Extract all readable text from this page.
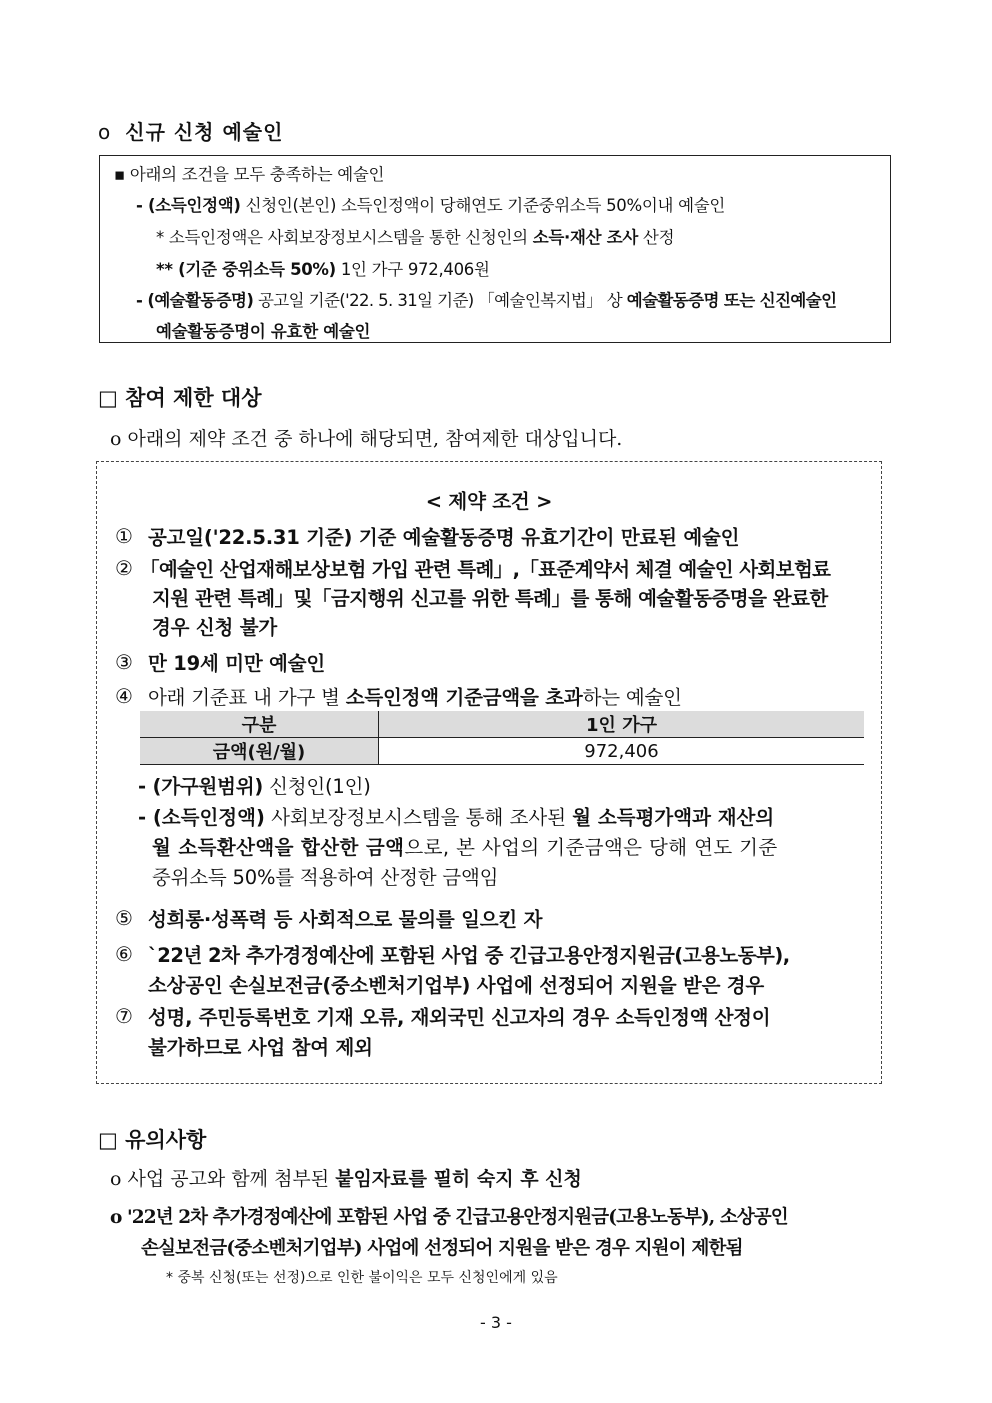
o 신규 신청 예술인
▪ 아래의 조건을 모두 충족하는 예술인
- (소득인정액) 신청인(본인) 소득인정액이 당해연도 기준중위소득 50%이내 예술인
* 소득인정액은 사회보장정보시스템을 통한 신청인의 소득·재산 조사 산정
** (기준 중위소득 50%) 1인 가구 972,406원
- (예술활동증명) 공고일 기준('22. 5. 31일 기준) 「예술인복지법」 상 예술활동증명 또는 신진예술인
예술활동증명이 유효한 예술인
□ 참여 제한 대상
ο 아래의 제약 조건 중 하나에 해당되면, 참여제한 대상입니다.
< 제약 조건 >
① 공고일('22.5.31 기준) 기준 예술활동증명 유효기간이 만료된 예술인
② 「예술인 산업재해보상보험 가입 관련 특례」,「표준계약서 체결 예술인 사회보험료
지원 관련 특례」및「금지행위 신고를 위한 특례」를 통해 예술활동증명을 완료한
경우 신청 불가
③ 만 19세 미만 예술인
④ 아래 기준표 내 가구 별 소득인정액 기준금액을 초과하는 예술인
구분	1인 가구
금액(원/월)	972,406
- (가구원범위) 신청인(1인)
- (소득인정액) 사회보장정보시스템을 통해 조사된 월 소득평가액과 재산의
월 소득환산액을 합산한 금액으로, 본 사업의 기준금액은 당해 연도 기준
중위소득 50%를 적용하여 산정한 금액임
⑤ 성희롱·성폭력 등 사회적으로 물의를 일으킨 자
⑥ `22년 2차 추가경정예산에 포함된 사업 중 긴급고용안정지원금(고용노동부),
소상공인 손실보전금(중소벤처기업부) 사업에 선정되어 지원을 받은 경우
⑦ 성명, 주민등록번호 기재 오류, 재외국민 신고자의 경우 소득인정액 산정이
불가하므로 사업 참여 제외
□ 유의사항
ο 사업 공고와 함께 첨부된 붙임자료를 필히 숙지 후 신청
ο '22년 2차 추가경정예산에 포함된 사업 중 긴급고용안정지원금(고용노동부), 소상공인
손실보전금(중소벤처기업부) 사업에 선정되어 지원을 받은 경우 지원이 제한됨
* 중복 신청(또는 선정)으로 인한 불이익은 모두 신청인에게 있음
- 3 -
